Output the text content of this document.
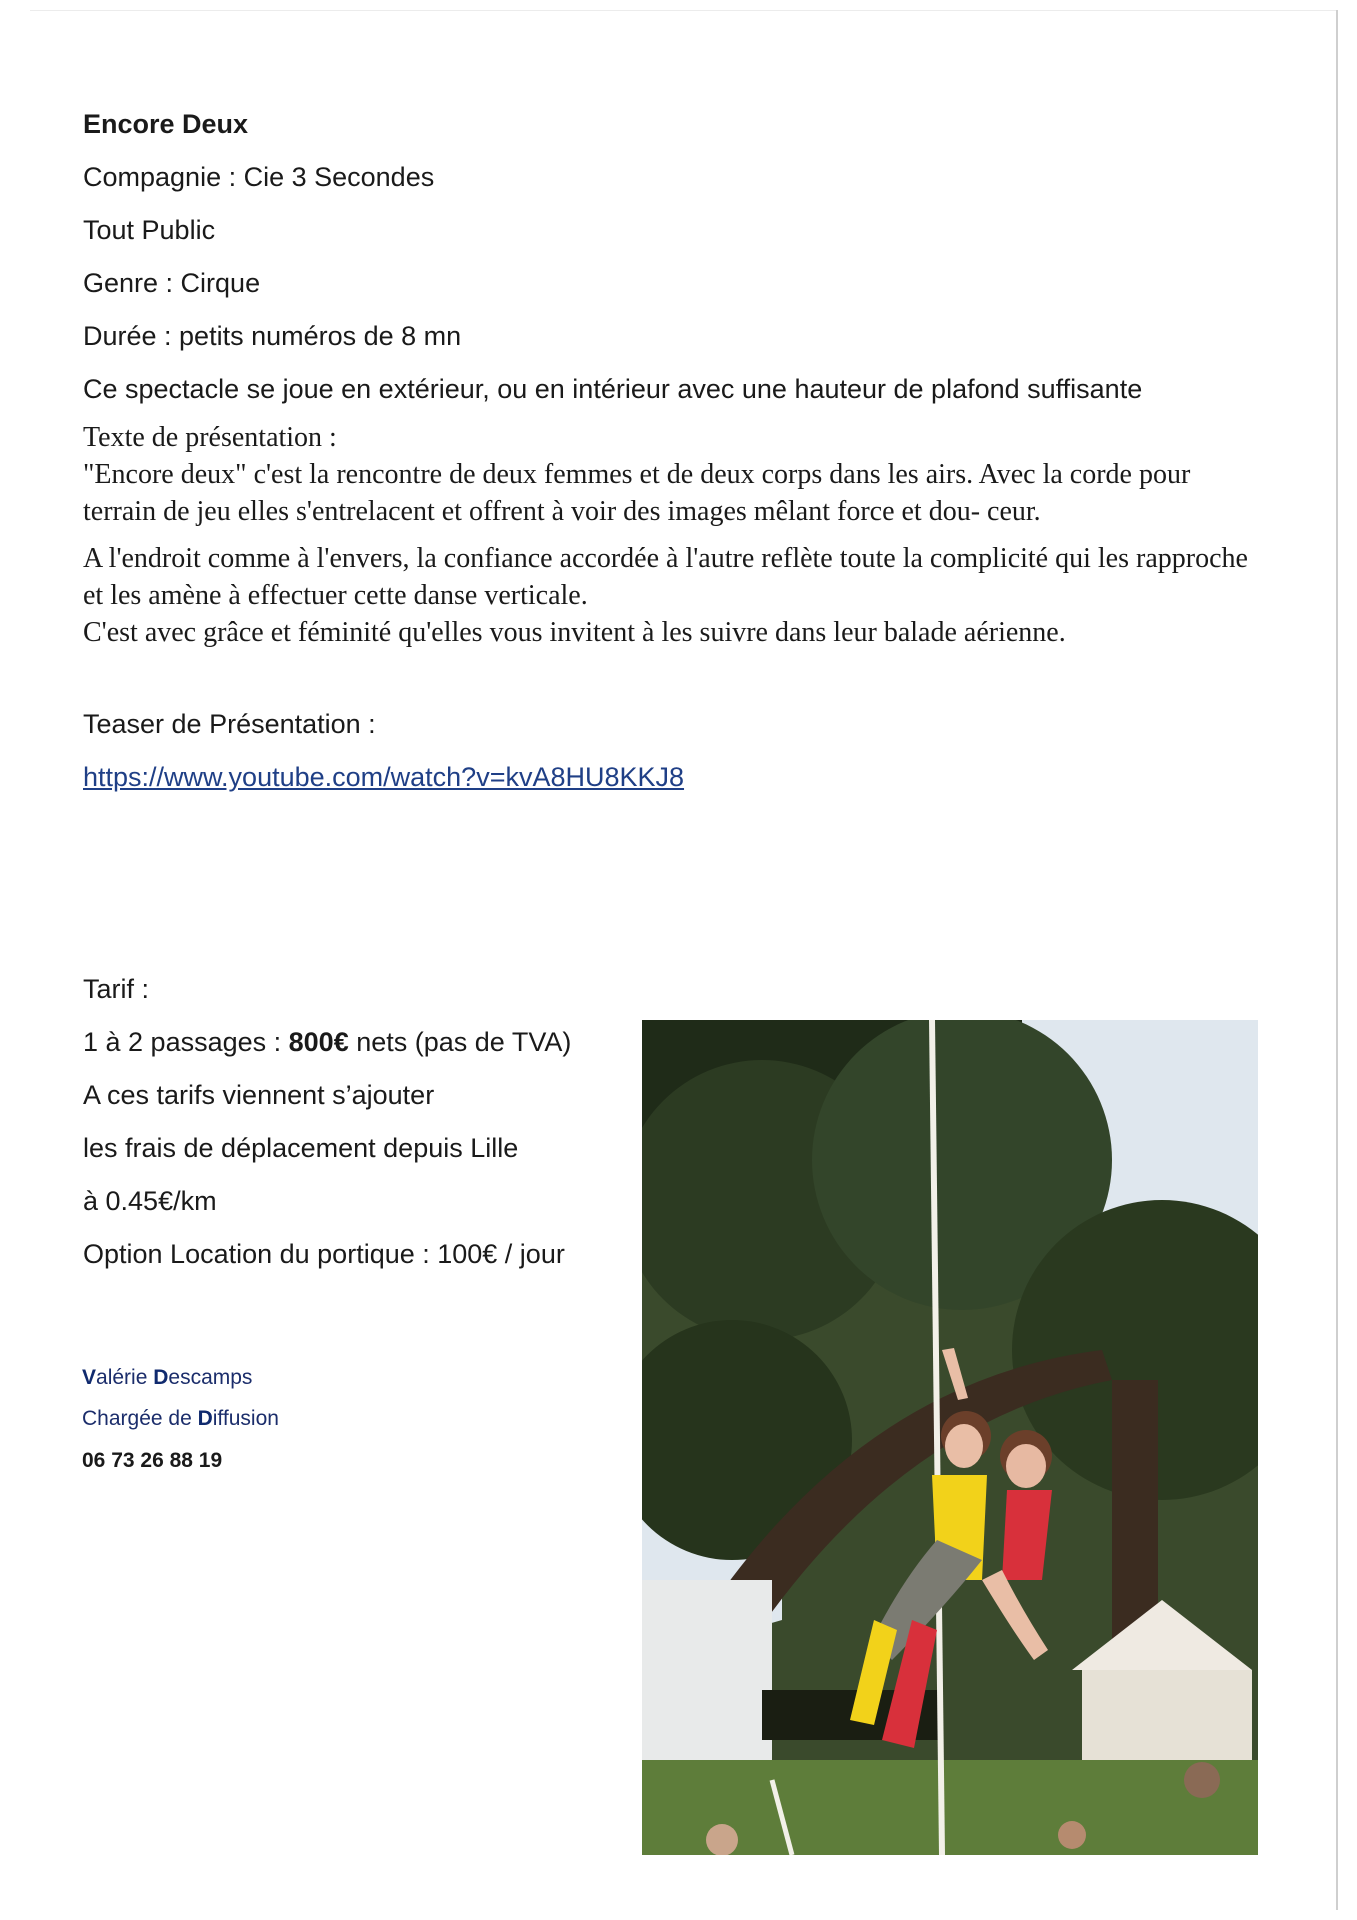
Encore Deux
Compagnie : Cie 3 Secondes
Tout Public
Genre : Cirque
Durée : petits numéros de 8 mn
Ce spectacle se joue en extérieur, ou en intérieur avec une hauteur de plafond suffisante

Texte de présentation :

"Encore deux" c'est la rencontre de deux femmes et de deux corps dans les airs. Avec la corde pour terrain de jeu elles s'entrelacent et offrent à voir des images mêlant force et dou- ceur.

A l'endroit comme à l'envers, la confiance accordée à l'autre reflète toute la complicité qui les rapproche et les amène à effectuer cette danse verticale.

C'est avec grâce et féminité qu'elles vous invitent à les suivre dans leur balade aérienne.

Teaser de Présentation :
https://www.youtube.com/watch?v=kvA8HU8KKJ8
Tarif :
1 à 2 passages : 800€ nets (pas de TVA)
A ces tarifs viennent s’ajouter
les frais de déplacement depuis Lille
à 0.45€/km
Option Location du portique : 100€ / jour
Valérie Descamps
Chargée de Diffusion
06 73 26 88 19
